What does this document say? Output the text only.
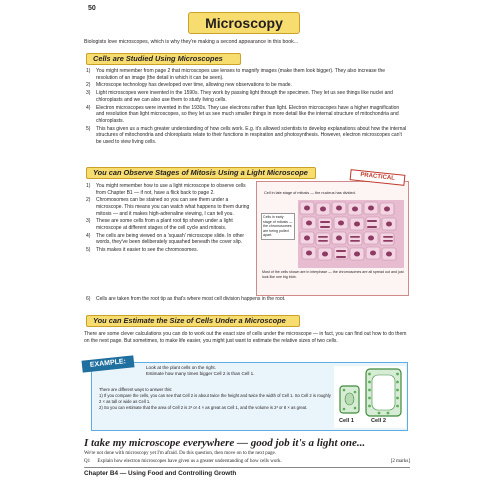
50
Microscopy
Biologists love microscopes, which is why they're making a second appearance in this book...
Cells are Studied Using Microscopes
1) You might remember from page 2 that microscopes use lenses to magnify images (make them look bigger). They also increase the resolution of an image (the detail in which it can be seen).
2) Microscope technology has developed over time, allowing new observations to be made.
3) Light microscopes were invented in the 1590s. They work by passing light through the specimen. They let us see things like nuclei and chloroplasts and we can also use them to study living cells.
4) Electron microscopes were invented in the 1930s. They use electrons rather than light. Electron microscopes have a higher magnification and resolution than light microscopes, so they let us see much smaller things in more detail like the internal structure of mitochondria and chloroplasts.
5) This has given us a much greater understanding of how cells work. E.g. it's allowed scientists to develop explanations about how the internal structures of mitochondria and chloroplasts relate to their functions in respiration and photosynthesis. However, electron microscopes can't be used to view living cells.
You can Observe Stages of Mitosis Using a Light Microscope
1) You might remember how to use a light microscope to observe cells from Chapter B1 — if not, have a flick back to page 2.
2) Chromosomes can be stained so you can see them under a microscope. This means you can watch what happens to them during mitosis — and it makes high-adrenaline viewing, I can tell you.
3) These are some cells from a plant root tip shown under a light microscope at different stages of the cell cycle and mitosis.
4) The cells are being viewed on a 'squash' microscope slide. In other words, they've been deliberately squashed beneath the cover slip.
5) This makes it easier to see the chromosomes.
6) Cells are taken from the root tip as that's where most cell division happens in the root.
Cell in late stage of mitosis — the nucleus has divided.
Cells in early stage of mitosis — the chromosomes are being pulled apart.
Most of the cells shown are in interphase — the chromosomes are all spread out and just look like one big blob.
PRACTICAL
You can Estimate the Size of Cells Under a Microscope
There are some clever calculations you can do to work out the exact size of cells under the microscope — in fact, you can find out how to do them on the next page. But sometimes, to make life easier, you might just want to estimate the relative sizes of two cells.
EXAMPLE:	Look at the plant cells on the right.
Estimate how many times bigger Cell 2 is than Cell 1.

There are different ways to answer this:

1) If you compare the cells, you can see that Cell 2 is about twice the height and twice the width of Cell 1. So Cell 2 is roughly 2 × as tall or wide as Cell 1.

2) So you can estimate that the area of Cell 2 is 2² or 4 × as great as Cell 1, and the volume is 2³ or 8 × as great.

Cell 1	Cell 2
I take my microscope everywhere — good job it's a light one...
We're not done with microscopy yet I'm afraid. Do this question, then move on to the next page.
Q1 Explain how electron microscopes have given us a greater understanding of how cells work.	[2 marks]
Chapter B4 — Using Food and Controlling Growth
